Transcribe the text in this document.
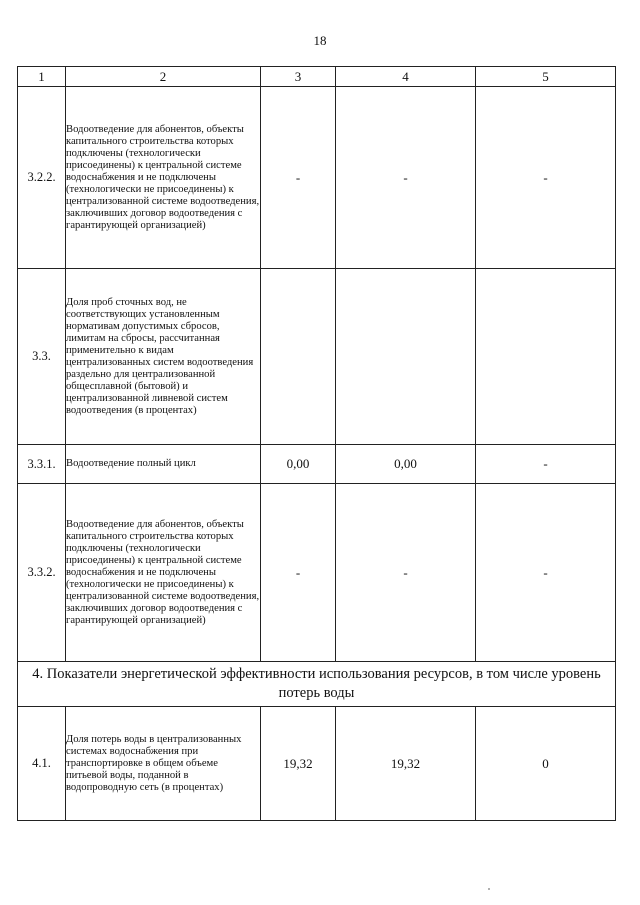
18
1	2	3	4	5
3.2.2.	Водоотведение для абонентов, объекты капитального строительства которых подключены (технологически присоединены) к центральной системе водоснабжения и не подключены (технологически не присоединены) к централизованной системе водоотведения, заключивших договор водоотведения с гарантирующей организацией)	-	-	-
3.3.	Доля проб сточных вод, не соответствующих установленным нормативам допустимых сбросов, лимитам на сбросы, рассчитанная применительно к видам централизованных систем водоотведения раздельно для централизованной общесплавной (бытовой) и централизованной ливневой систем водоотведения (в процентах)			
3.3.1.	Водоотведение полный цикл	0,00	0,00	-
3.3.2.	Водоотведение для абонентов, объекты капитального строительства которых подключены (технологически присоединены) к центральной системе водоснабжения и не подключены (технологически не присоединены) к централизованной системе водоотведения, заключивших договор водоотведения с гарантирующей организацией)	-	-	-
4. Показатели энергетической эффективности использования ресурсов, в том числе уровень потерь воды				
4.1.	Доля потерь воды в централизованных системах водоснабжения при транспортировке в общем объеме питьевой воды, поданной в водопроводную сеть (в процентах)	19,32	19,32	0
